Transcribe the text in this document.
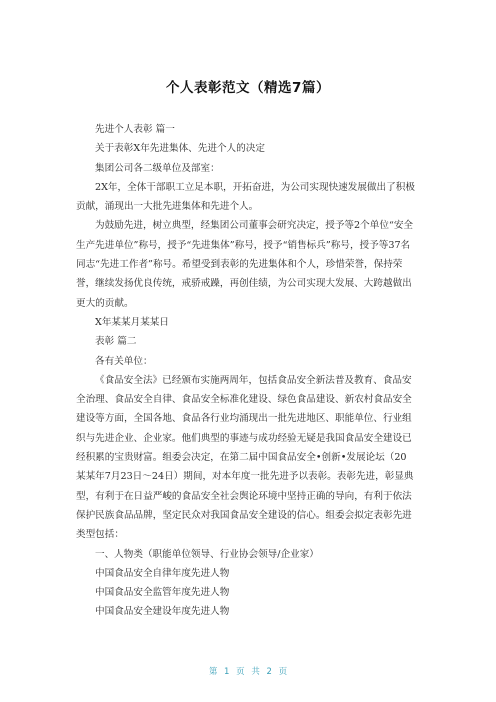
个人表彰范文（精选7篇）

先进个人表彰 篇一

关于表彰X年先进集体、先进个人的决定

集团公司各二级单位及部室：

2X年，全体干部职工立足本职，开拓奋进，为公司实现快速发展做出了积极贡献，涌现出一大批先进集体和先进个人。

为鼓励先进，树立典型，经集团公司董事会研究决定，授予等2个单位“安全生产先进单位”称号，授予“先进集体”称号，授予“销售标兵”称号，授予等37名同志“先进工作者”称号。希望受到表彰的先进集体和个人，珍惜荣誉，保持荣誉，继续发扬优良传统，戒骄戒躁，再创佳绩，为公司实现大发展、大跨越做出更大的贡献。

X年某某月某某日

表彰 篇二

各有关单位：

《食品安全法》已经颁布实施两周年，包括食品安全新法普及教育、食品安全治理、食品安全自律、食品安全标准化建设、绿色食品建设、新农村食品安全建设等方面，全国各地、食品各行业均涌现出一批先进地区、职能单位、行业组织与先进企业、企业家。他们典型的事迹与成功经验无疑是我国食品安全建设已经积累的宝贵财富。组委会决定，在第二届中国食品安全•创新•发展论坛（20某某年7月23日～24日）期间，对本年度一批先进予以表彰。表彰先进，彰显典型，有利于在日益严峻的食品安全社会舆论环境中坚持正确的导向，有利于依法保护民族食品品牌，坚定民众对我国食品安全建设的信心。组委会拟定表彰先进类型包括：

一、人物类（职能单位领导、行业协会领导/企业家）

中国食品安全自律年度先进人物

中国食品安全监管年度先进人物

中国食品安全建设年度先进人物

第 1 页 共 2 页
